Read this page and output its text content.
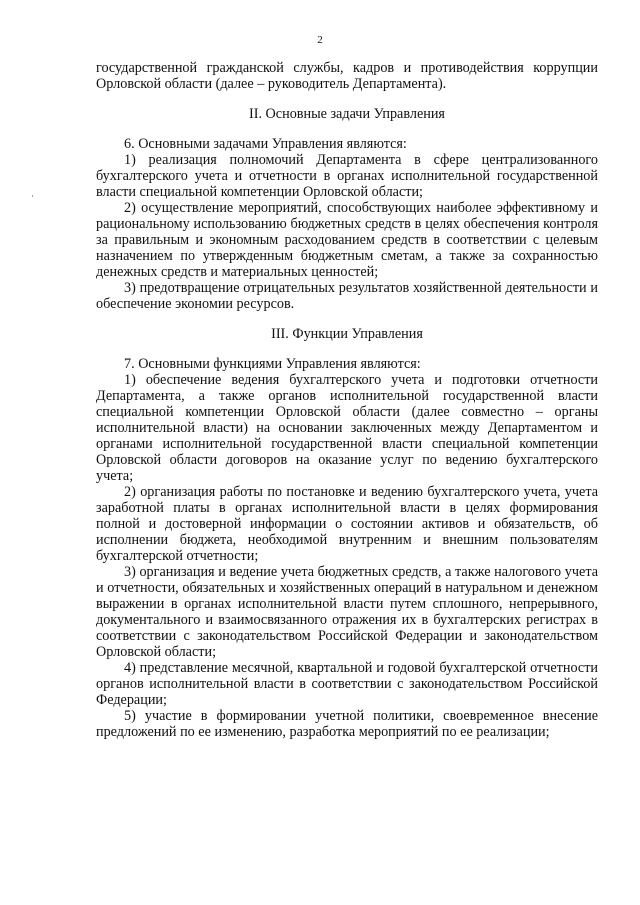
2
·

государственной гражданской службы, кадров и противодействия коррупции Орловской области (далее – руководитель Департамента).

II. Основные задачи Управления

6. Основными задачами Управления являются:

1) реализация полномочий Департамента в сфере централизованного бухгалтерского учета и отчетности в органах исполнительной государственной власти специальной компетенции Орловской области;

2) осуществление мероприятий, способствующих наиболее эффективному и рациональному использованию бюджетных средств в целях обеспечения контроля за правильным и экономным расходованием средств в соответствии с целевым назначением по утвержденным бюджетным сметам, а также за сохранностью денежных средств и материальных ценностей;

3) предотвращение отрицательных результатов хозяйственной деятельности и обеспечение экономии ресурсов.

III. Функции Управления

7. Основными функциями Управления являются:

1) обеспечение ведения бухгалтерского учета и подготовки отчетности Департамента, а также органов исполнительной государственной власти специальной компетенции Орловской области (далее совместно – органы исполнительной власти) на основании заключенных между Департаментом и органами исполнительной государственной власти специальной компетенции Орловской области договоров на оказание услуг по ведению бухгалтерского учета;

2) организация работы по постановке и ведению бухгалтерского учета, учета заработной платы в органах исполнительной власти в целях формирования полной и достоверной информации о состоянии активов и обязательств, об исполнении бюджета, необходимой внутренним и внешним пользователям бухгалтерской отчетности;

3) организация и ведение учета бюджетных средств, а также налогового учета и отчетности, обязательных и хозяйственных операций в натуральном и денежном выражении в органах исполнительной власти путем сплошного, непрерывного, документального и взаимосвязанного отражения их в бухгалтерских регистрах в соответствии с законодательством Российской Федерации и законодательством Орловской области;

4) представление месячной, квартальной и годовой бухгалтерской отчетности органов исполнительной власти в соответствии с законодательством Российской Федерации;

5) участие в формировании учетной политики, своевременное внесение предложений по ее изменению, разработка мероприятий по ее реализации;
